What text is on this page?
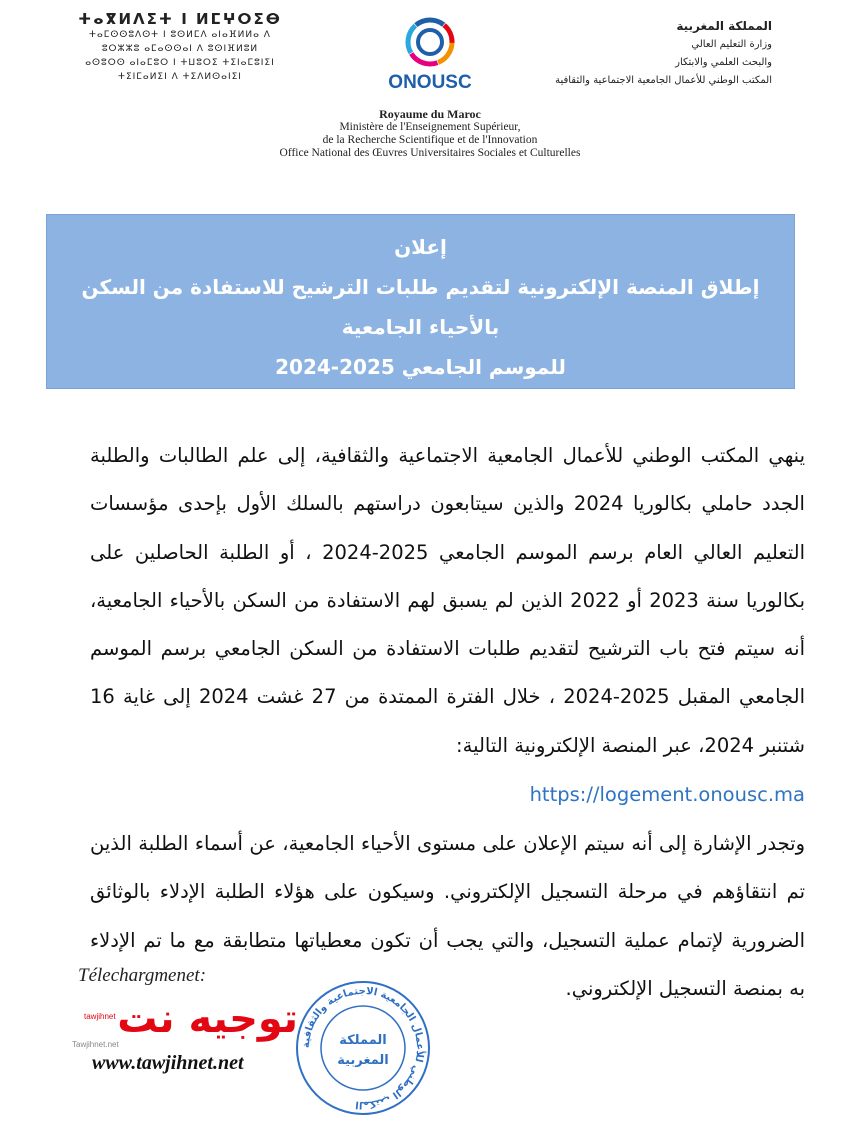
ⵜⴰⴳⵍⴷⵉⵜ ⵏ ⵍⵎⵖⵔⵉⴱ
ⵜⴰⵎⵙⵙⵓⴷⵙⵜ ⵏ ⵓⵙⵍⵎⴷ ⴰⵏⴰⴼⵍⵍⴰ ⴷ
ⵓⵔⵣⵣⵓ ⴰⵎⴰⵙⵙⴰⵏ ⴷ ⵓⵙⵏⴼⵍⵓⵍ
ⴰⵙⵓⵔⵙ ⴰⵏⴰⵎⵓⵔ ⵏ ⵜⵡⵓⵔⵉ ⵜⵉⵏⴰⵎⵓⵏⵉⵏ
ⵜⵉⵏⵎⴰⵍⵉⵏ ⴷ ⵜⵉⴷⵍⵙⴰⵏⵉⵏ	ONOUSC
المملكة المغربية
وزارة التعليم العالي
والبحث العلمي والابتكار
المكتب الوطني للأعمال الجامعية الاجتماعية والثقافية
Royaume du Maroc
Ministère de l'Enseignement Supérieur,
de la Recherche Scientifique et de l'Innovation
Office National des Œuvres Universitaires Sociales et Culturelles
إعلان
إطلاق المنصة الإلكترونية لتقديم طلبات الترشيح للاستفادة من السكن بالأحياء الجامعية
للموسم الجامعي 2025-2024
ينهي المكتب الوطني للأعمال الجامعية الاجتماعية والثقافية، إلى علم الطالبات والطلبة الجدد حاملي بكالوريا 2024 والذين سيتابعون دراستهم بالسلك الأول بإحدى مؤسسات التعليم العالي العام برسم الموسم الجامعي 2025-2024 ، أو الطلبة الحاصلين على بكالوريا سنة 2023 أو 2022 الذين لم يسبق لهم الاستفادة من السكن بالأحياء الجامعية، أنه سيتم فتح باب الترشيح لتقديم طلبات الاستفادة من السكن الجامعي برسم الموسم الجامعي المقبل 2025-2024 ، خلال الفترة الممتدة من 27 غشت 2024 إلى غاية 16 شتنبر 2024، عبر المنصة الإلكترونية التالية:
https://logement.onousc.ma
وتجدر الإشارة إلى أنه سيتم الإعلان على مستوى الأحياء الجامعية، عن أسماء الطلبة الذين تم انتقاؤهم في مرحلة التسجيل الإلكتروني. وسيكون على هؤلاء الطلبة الإدلاء بالوثائق الضرورية لإتمام عملية التسجيل، والتي يجب أن تكون معطياتها متطابقة مع ما تم الإدلاء به بمنصة التسجيل الإلكتروني.
Télechargmenet:
توجيه نت
tawjihnet
Tawjihnet.net
www.tawjihnet.net
المكتب الوطني للأعمال الجامعية الاجتماعية والثقافية
المملكة
المغربية
